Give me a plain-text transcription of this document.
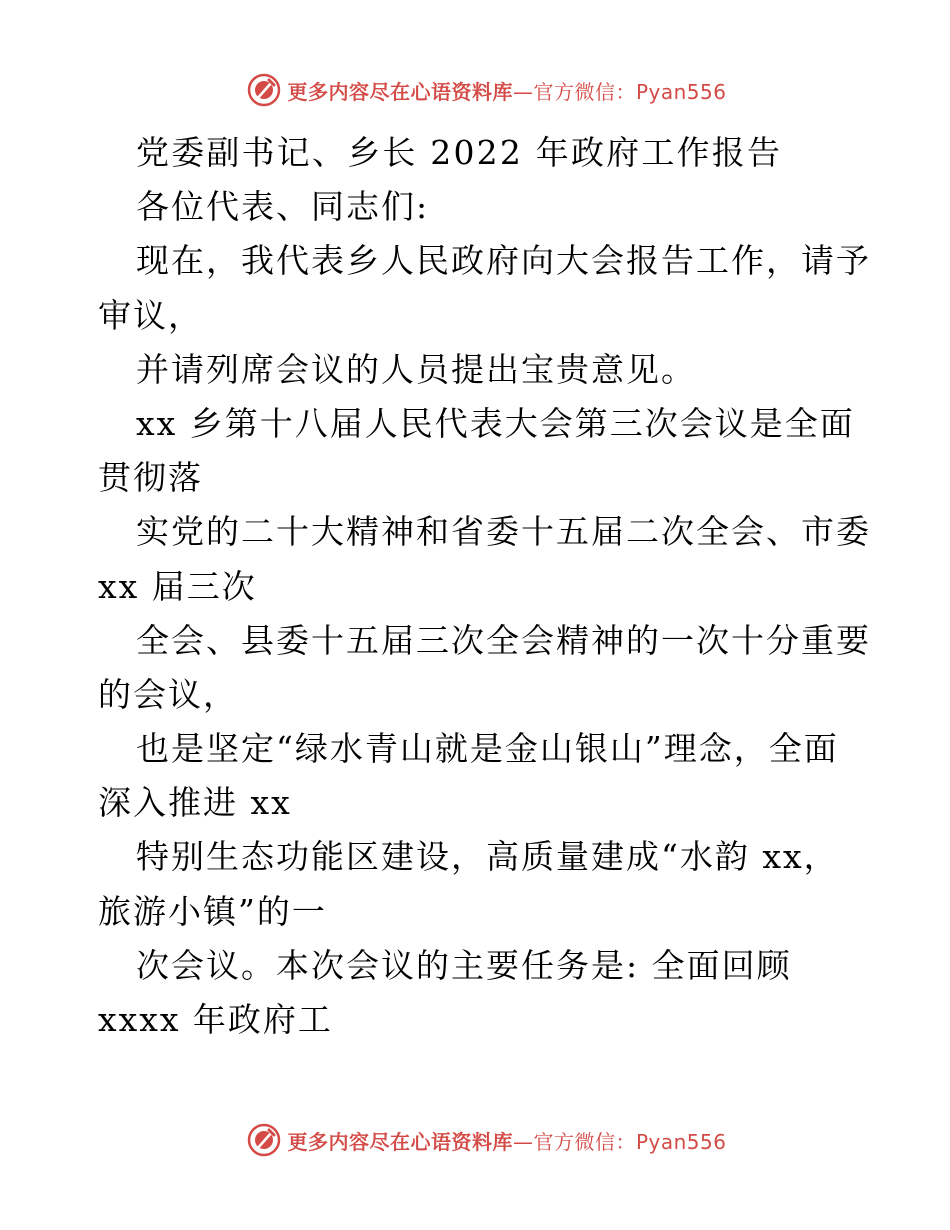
更多内容尽在心语资料库—官方微信：Pyan556
党委副书记、乡长 2022 年政府工作报告
各位代表、同志们:
现在，我代表乡人民政府向大会报告工作，请予
审议，
并请列席会议的人员提出宝贵意见。
xx 乡第十八届人民代表大会第三次会议是全面
贯彻落
实党的二十大精神和省委十五届二次全会、市委
xx 届三次
全会、县委十五届三次全会精神的一次十分重要
的会议，
也是坚定“绿水青山就是金山银山”理念，全面
深入推进 xx
特别生态功能区建设，高质量建成“水韵 xx，
旅游小镇”的一
次会议。本次会议的主要任务是: 全面回顾
xxxx 年政府工
更多内容尽在心语资料库—官方微信：Pyan556
